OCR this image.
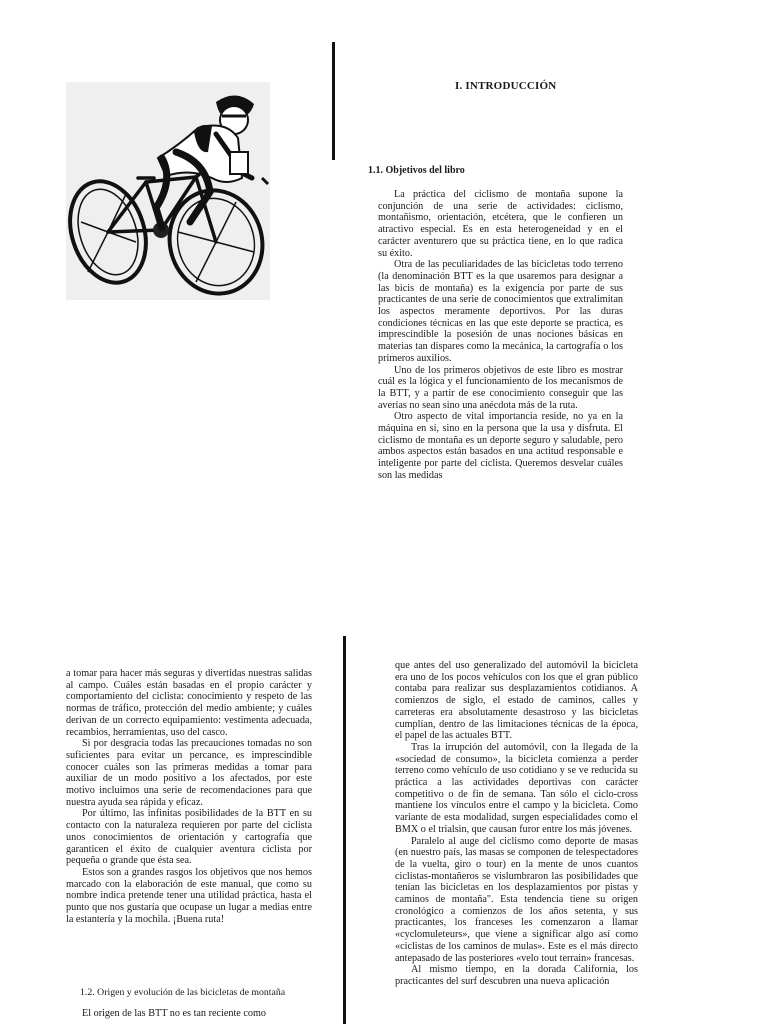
I. INTRODUCCIÓN
1.1. Objetivos del libro

La práctica del ciclismo de montaña supone la conjunción de una serie de actividades: ciclismo, montañismo, orientación, etcétera, que le confieren un atractivo especial. Es en esta heterogeneidad y en el carácter aventurero que su práctica tiene, en lo que radica su éxito.

Otra de las peculiaridades de las bicicletas todo terreno (la denominación BTT es la que usaremos para designar a las bicis de montaña) es la exigencia por parte de sus practicantes de una serie de conocimientos que extralimitan los aspectos meramente deportivos. Por las duras condiciones técnicas en las que este deporte se practica, es imprescindible la posesión de unas nociones básicas en materias tan dispares como la mecánica, la cartografía o los primeros auxilios.

Uno de los primeros objetivos de este libro es mostrar cuál es la lógica y el funcionamiento de los mecanismos de la BTT, y a partir de ese conocimiento conseguir que las averías no sean sino una anécdota más de la ruta.

Otro aspecto de vital importancia reside, no ya en la máquina en sí, sino en la persona que la usa y disfruta. El ciclismo de montaña es un deporte seguro y saludable, pero ambos aspectos están basados en una actitud responsable e inteligente por parte del ciclista. Queremos desvelar cuáles son las medidas

a tomar para hacer más seguras y divertidas nuestras salidas al campo. Cuáles están basadas en el propio carácter y comportamiento del ciclista: conocimiento y respeto de las normas de tráfico, protección del medio ambiente; y cuáles derivan de un correcto equipamiento: vestimenta adecuada, recambios, herramientas, uso del casco.

Si por desgracia todas las precauciones tomadas no son suficientes para evitar un percance, es imprescindible conocer cuáles son las primeras medidas a tomar para auxiliar de un modo positivo a los afectados, por este motivo incluimos una serie de recomendaciones para que nuestra ayuda sea rápida y eficaz.

Por último, las infinitas posibilidades de la BTT en su contacto con la naturaleza requieren por parte del ciclista unos conocimientos de orientación y cartografía que garanticen el éxito de cualquier aventura ciclista por pequeña o grande que ésta sea.

Estos son a grandes rasgos los objetivos que nos hemos marcado con la elaboración de este manual, que como su nombre indica pretende tener una utilidad práctica, hasta el punto que nos gustaría que ocupase un lugar a medias entre la estantería y la mochila. ¡Buena ruta!

1.2. Origen y evolución de las bicicletas de montaña

El origen de las BTT no es tan reciente como

que antes del uso generalizado del automóvil la bicicleta era uno de los pocos vehículos con los que el gran público contaba para realizar sus desplazamientos cotidianos. A comienzos de siglo, el estado de caminos, calles y carreteras era absolutamente desastroso y las bicicletas cumplían, dentro de las limitaciones técnicas de la época, el papel de las actuales BTT.

Tras la irrupción del automóvil, con la llegada de la «sociedad de consumo», la bicicleta comienza a perder terreno como vehículo de uso cotidiano y se ve reducida su práctica a las actividades deportivas con carácter competitivo o de fin de semana. Tan sólo el ciclo-cross mantiene los vínculos entre el campo y la bicicleta. Como variante de esta modalidad, surgen especialidades como el BMX o el trialsin, que causan furor entre los más jóvenes.

Paralelo al auge del ciclismo como deporte de masas (en nuestro país, las masas se componen de telespectadores de la vuelta, giro o tour) en la mente de unos cuantos ciclistas-montañeros se vislumbraron las posibilidades que tenían las bicicletas en los desplazamientos por pistas y caminos de montaña". Esta tendencia tiene su origen cronológico a comienzos de los años setenta, y sus practicantes, los franceses les comenzaron a llamar «cyclomuleteurs», que viene a significar algo así como «ciclistas de los caminos de mulas». Este es el más directo antepasado de las posteriores «velo tout terrain» francesas.

Al mismo tiempo, en la dorada California, los practicantes del surf descubren una nueva aplicación
